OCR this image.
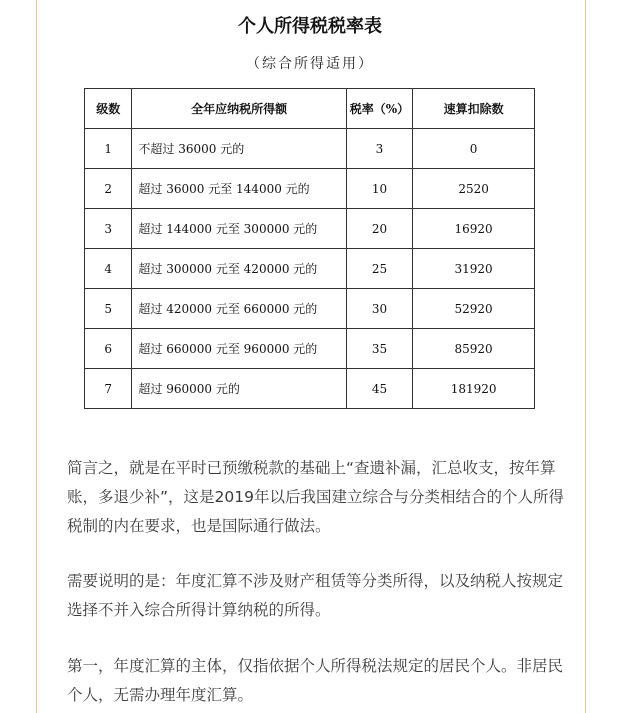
个人所得税税率表
（综合所得适用）
级数	全年应纳税所得额	税率（%）	速算扣除数
1	不超过 36000 元的	3	0
2	超过 36000 元至 144000 元的	10	2520
3	超过 144000 元至 300000 元的	20	16920
4	超过 300000 元至 420000 元的	25	31920
5	超过 420000 元至 660000 元的	30	52920
6	超过 660000 元至 960000 元的	35	85920
7	超过 960000 元的	45	181920

简言之，就是在平时已预缴税款的基础上“查遗补漏，汇总收支，按年算账，多退少补”，这是2019年以后我国建立综合与分类相结合的个人所得税制的内在要求，也是国际通行做法。

需要说明的是：年度汇算不涉及财产租赁等分类所得，以及纳税人按规定选择不并入综合所得计算纳税的所得。

第一，年度汇算的主体，仅指依据个人所得税法规定的居民个人。非居民个人，无需办理年度汇算。
